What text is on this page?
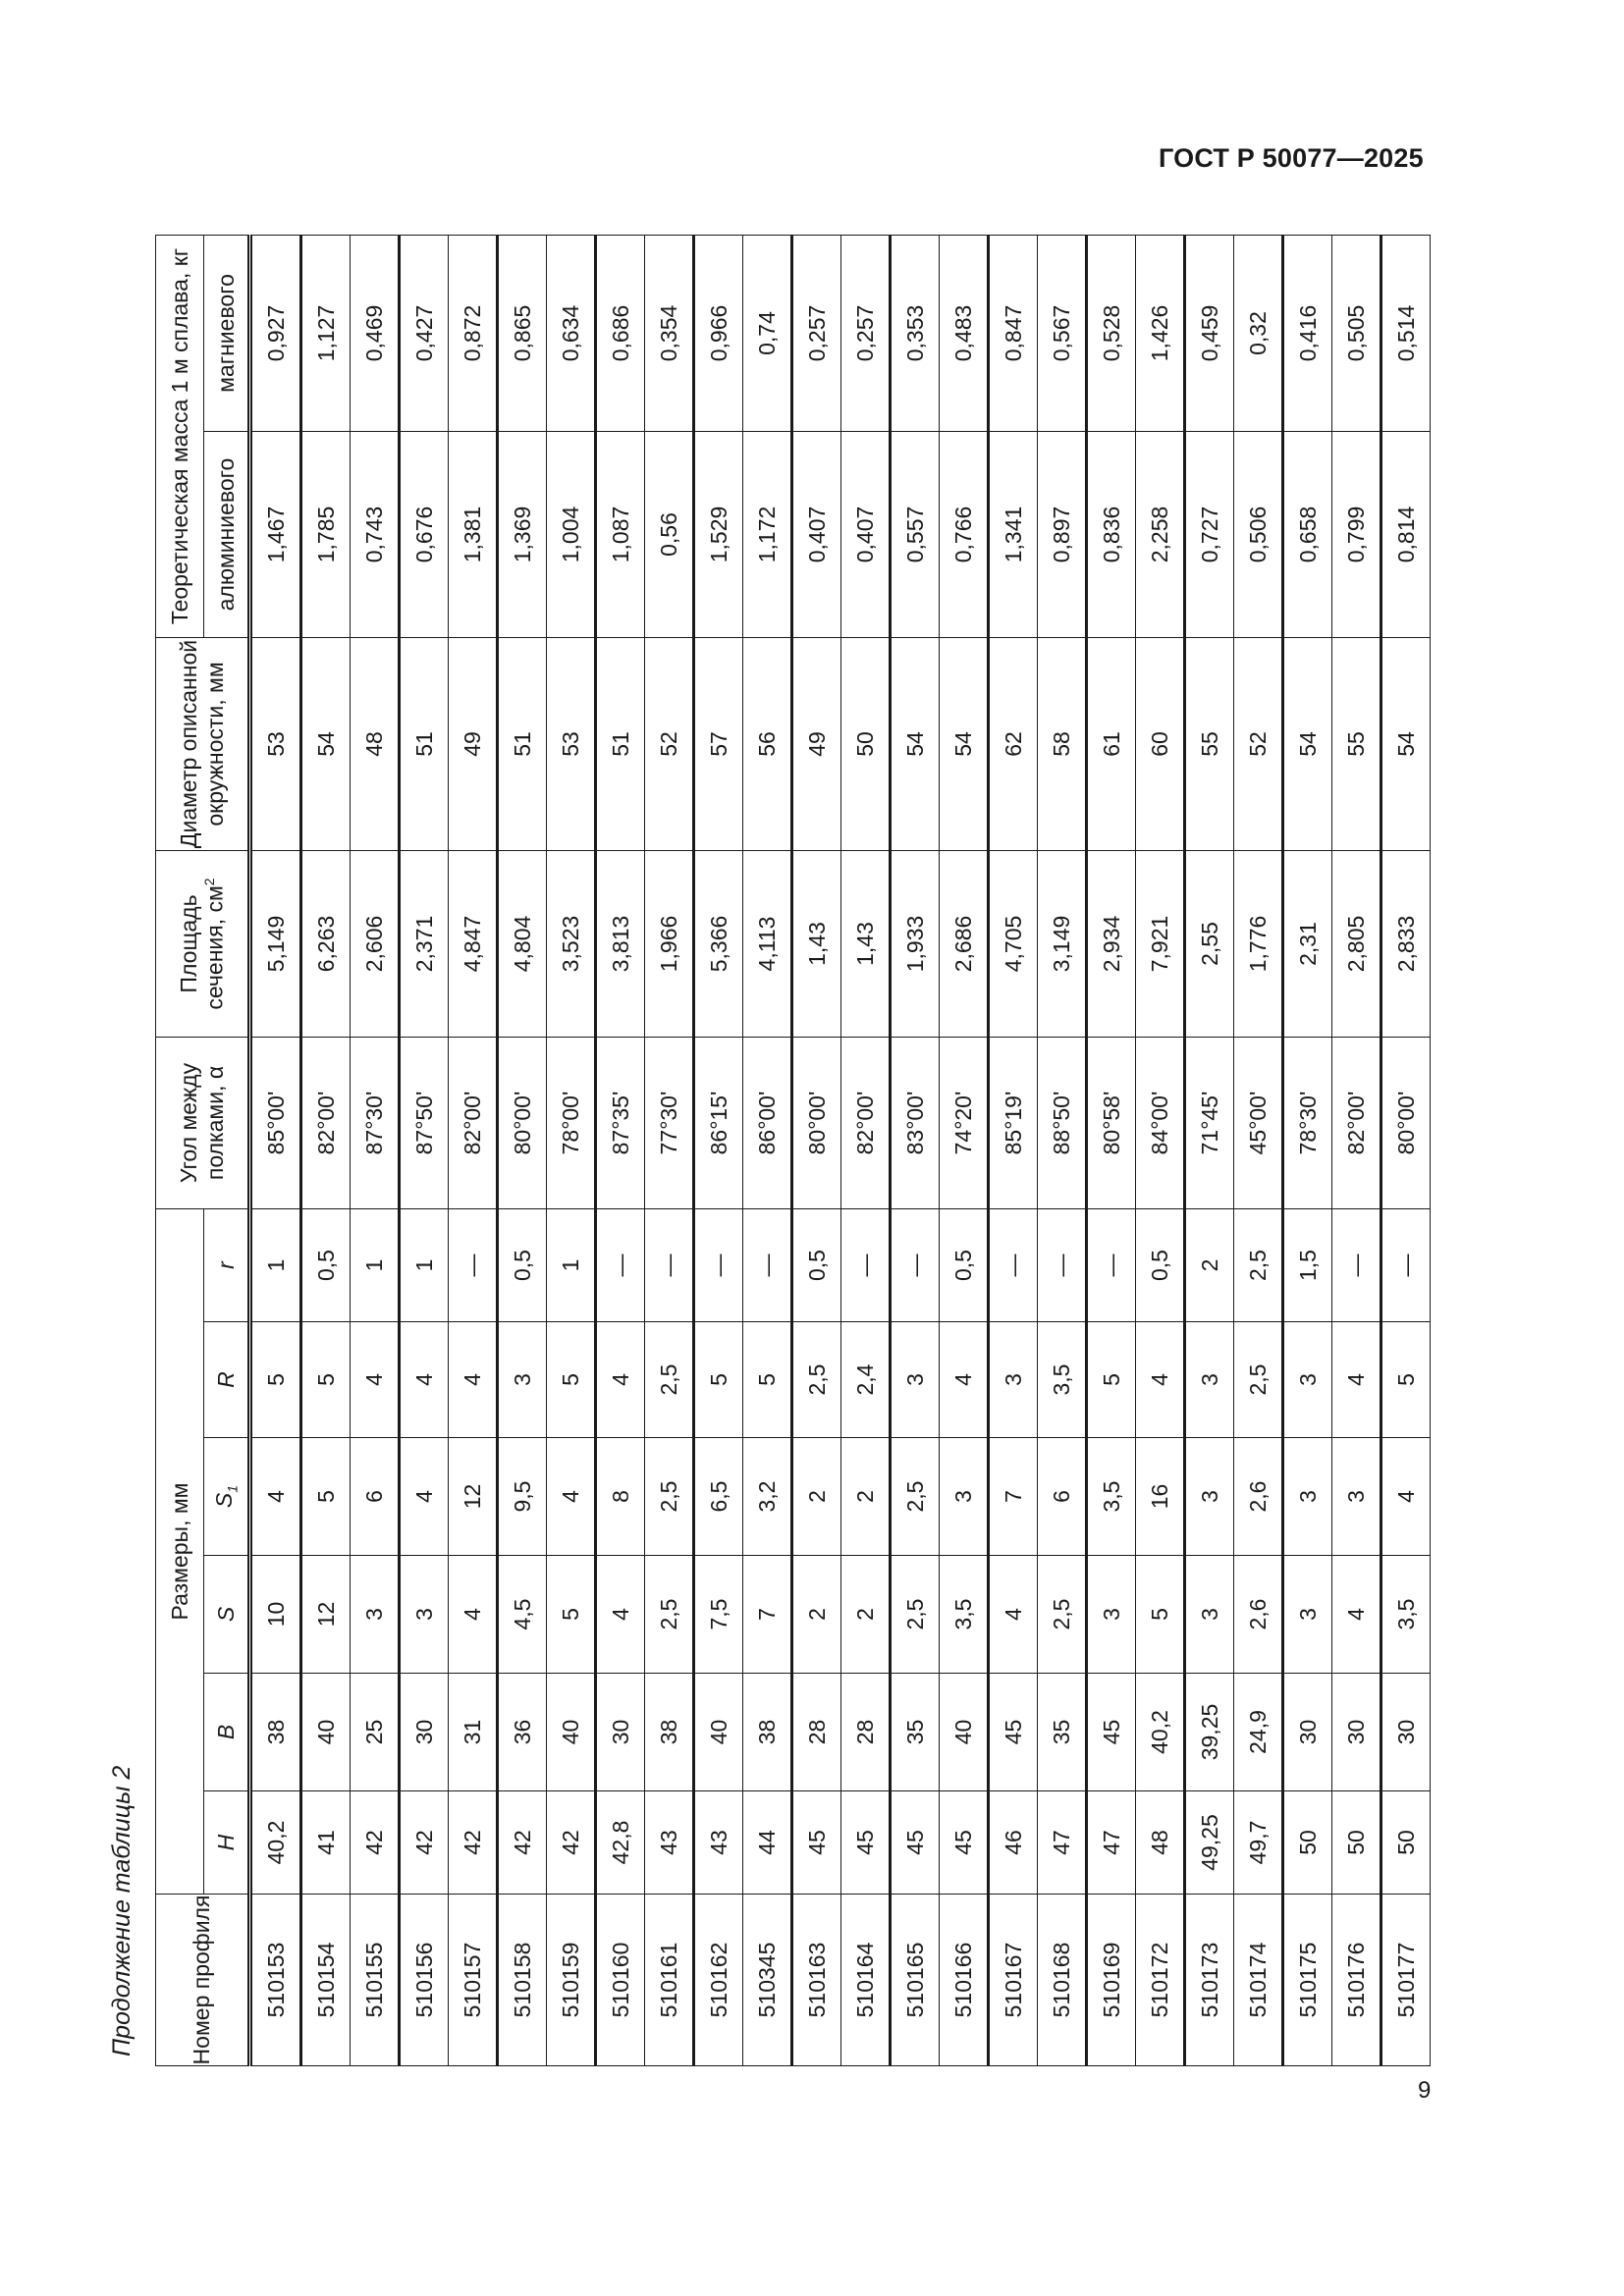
ГОСТ Р 50077—2025
Продолжение таблицы 2
9
Номер профиля	Размеры, мм						Угол между полками, α	Площадь сечения, $см^2$	Диаметр описанной окружности, мм	Теоретическая масса 1 м сплава, кг	
	H	B	S	$S_1$	R	r				алюминиевого	магниевого
510153	40,2	38	10	4	5	1	85°00'	5,149	53	1,467	0,927
510154	41	40	12	5	5	0,5	82°00'	6,263	54	1,785	1,127
510155	42	25	3	6	4	1	87°30'	2,606	48	0,743	0,469
510156	42	30	3	4	4	1	87°50'	2,371	51	0,676	0,427
510157	42	31	4	12	4	—	82°00'	4,847	49	1,381	0,872
510158	42	36	4,5	9,5	3	0,5	80°00'	4,804	51	1,369	0,865
510159	42	40	5	4	5	1	78°00'	3,523	53	1,004	0,634
510160	42,8	30	4	8	4	—	87°35'	3,813	51	1,087	0,686
510161	43	38	2,5	2,5	2,5	—	77°30'	1,966	52	0,56	0,354
510162	43	40	7,5	6,5	5	—	86°15'	5,366	57	1,529	0,966
510345	44	38	7	3,2	5	—	86°00'	4,113	56	1,172	0,74
510163	45	28	2	2	2,5	0,5	80°00'	1,43	49	0,407	0,257
510164	45	28	2	2	2,4	—	82°00'	1,43	50	0,407	0,257
510165	45	35	2,5	2,5	3	—	83°00'	1,933	54	0,557	0,353
510166	45	40	3,5	3	4	0,5	74°20'	2,686	54	0,766	0,483
510167	46	45	4	7	3	—	85°19'	4,705	62	1,341	0,847
510168	47	35	2,5	6	3,5	—	88°50'	3,149	58	0,897	0,567
510169	47	45	3	3,5	5	—	80°58'	2,934	61	0,836	0,528
510172	48	40,2	5	16	4	0,5	84°00'	7,921	60	2,258	1,426
510173	49,25	39,25	3	3	3	2	71°45'	2,55	55	0,727	0,459
510174	49,7	24,9	2,6	2,6	2,5	2,5	45°00'	1,776	52	0,506	0,32
510175	50	30	3	3	3	1,5	78°30'	2,31	54	0,658	0,416
510176	50	30	4	3	4	—	82°00'	2,805	55	0,799	0,505
510177	50	30	3,5	4	5	—	80°00'	2,833	54	0,814	0,514
